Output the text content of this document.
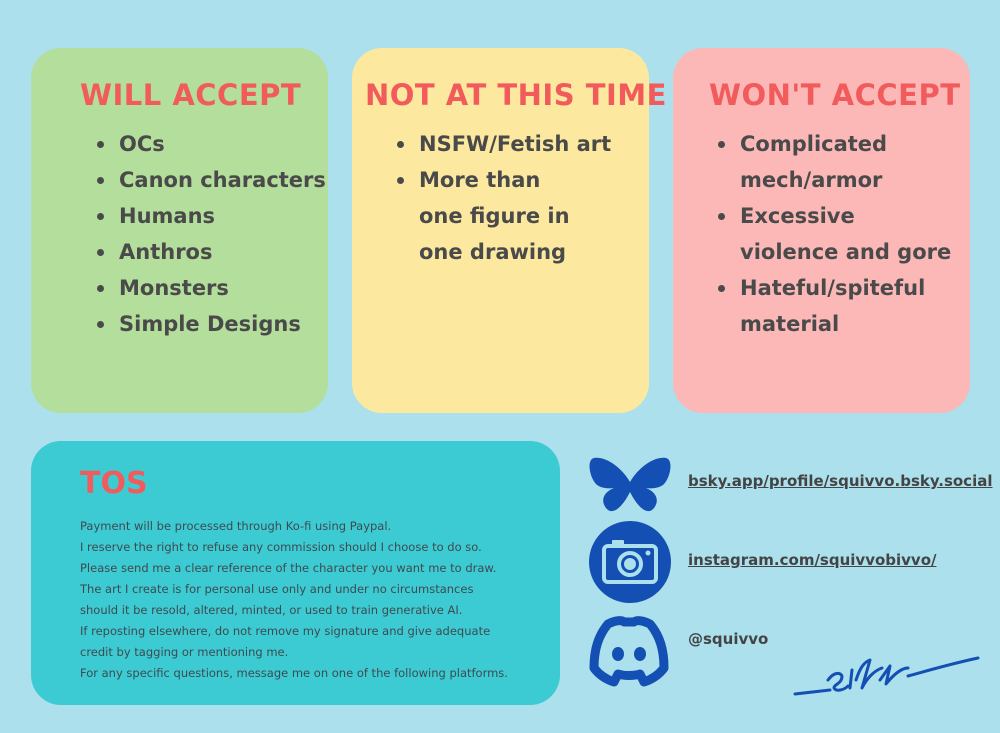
WILL ACCEPT
OCs
Canon characters
Humans
Anthros
Monsters
Simple Designs
NOT AT THIS TIME
NSFW/Fetish art
More than one figure in one drawing
WON'T ACCEPT
Complicated mech/armor
Excessive violence and gore
Hateful/spiteful material
TOS

Payment will be processed through Ko-fi using Paypal.

I reserve the right to refuse any commission should I choose to do so.

Please send me a clear reference of the character you want me to draw.

The art I create is for personal use only and under no circumstances

should it be resold, altered, minted, or used to train generative AI.

If reposting elsewhere, do not remove my signature and give adequate

credit by tagging or mentioning me.

For any specific questions, message me on one of the following platforms.

bsky.app/profile/squivvo.bsky.social
instagram.com/squivvobivvo/
@squivvo
